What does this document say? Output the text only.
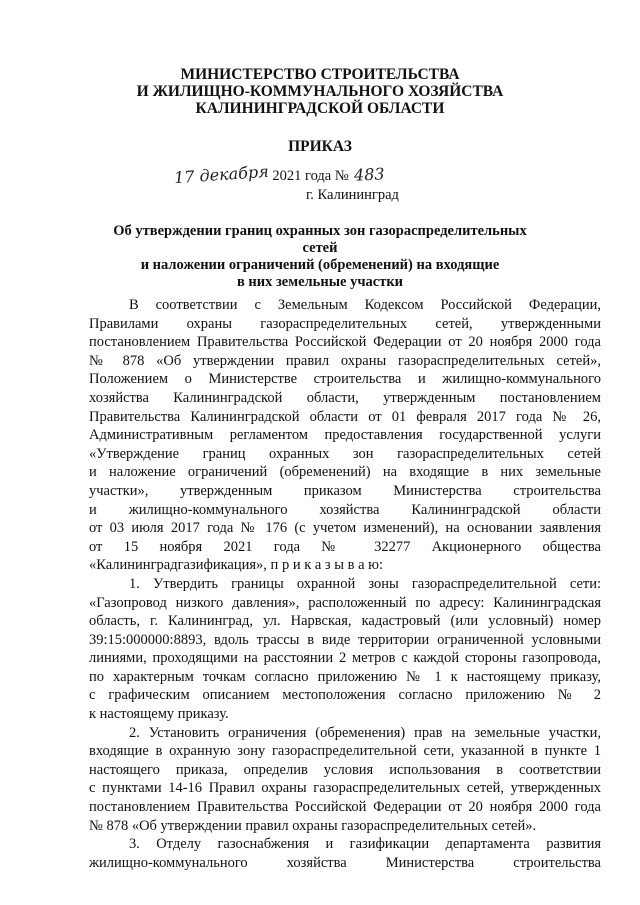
МИНИСТЕРСТВО СТРОИТЕЛЬСТВА
И ЖИЛИЩНО-КОММУНАЛЬНОГО ХОЗЯЙСТВА
КАЛИНИНГРАДСКОЙ ОБЛАСТИ
ПРИКАЗ
17 декабря 2021 года № 483
г. Калининград
Об утверждении границ охранных зон газораспределительных сетей
и наложении ограничений (обременений) на входящие
в них земельные участки

В соответствии с Земельным Кодексом Российской Федерации,
Правилами охраны газораспределительных сетей, утвержденными
постановлением Правительства Российской Федерации от 20 ноября 2000 года
№ 878 «Об утверждении правил охраны газораспределительных сетей»,
Положением о Министерстве строительства и жилищно-коммунального
хозяйства Калининградской области, утвержденным постановлением
Правительства Калининградской области от 01 февраля 2017 года № 26,
Административным регламентом предоставления государственной услуги
«Утверждение границ охранных зон газораспределительных сетей
и наложение ограничений (обременений) на входящие в них земельные
участки», утвержденным приказом Министерства строительства
и жилищно-коммунального хозяйства Калининградской области
от 03 июля 2017 года № 176 (с учетом изменений), на основании заявления
от 15 ноября 2021 года № 32277 Акционерного общества
«Калининградгазификация», п р и к а з ы в а ю:

1. Утвердить границы охранной зоны газораспределительной сети:
«Газопровод низкого давления», расположенный по адресу: Калининградская
область, г. Калининград, ул. Нарвская, кадастровый (или условный) номер
39:15:000000:8893, вдоль трассы в виде территории ограниченной условными
линиями, проходящими на расстоянии 2 метров с каждой стороны газопровода,
по характерным точкам согласно приложению № 1 к настоящему приказу,
с графическим описанием местоположения согласно приложению № 2
к настоящему приказу.

2. Установить ограничения (обременения) прав на земельные участки,
входящие в охранную зону газораспределительной сети, указанной в пункте 1
настоящего приказа, определив условия использования в соответствии
с пунктами 14-16 Правил охраны газораспределительных сетей, утвержденных
постановлением Правительства Российской Федерации от 20 ноября 2000 года
№ 878 «Об утверждении правил охраны газораспределительных сетей».

3. Отделу газоснабжения и газификации департамента развития
жилищно-коммунального хозяйства Министерства строительства
